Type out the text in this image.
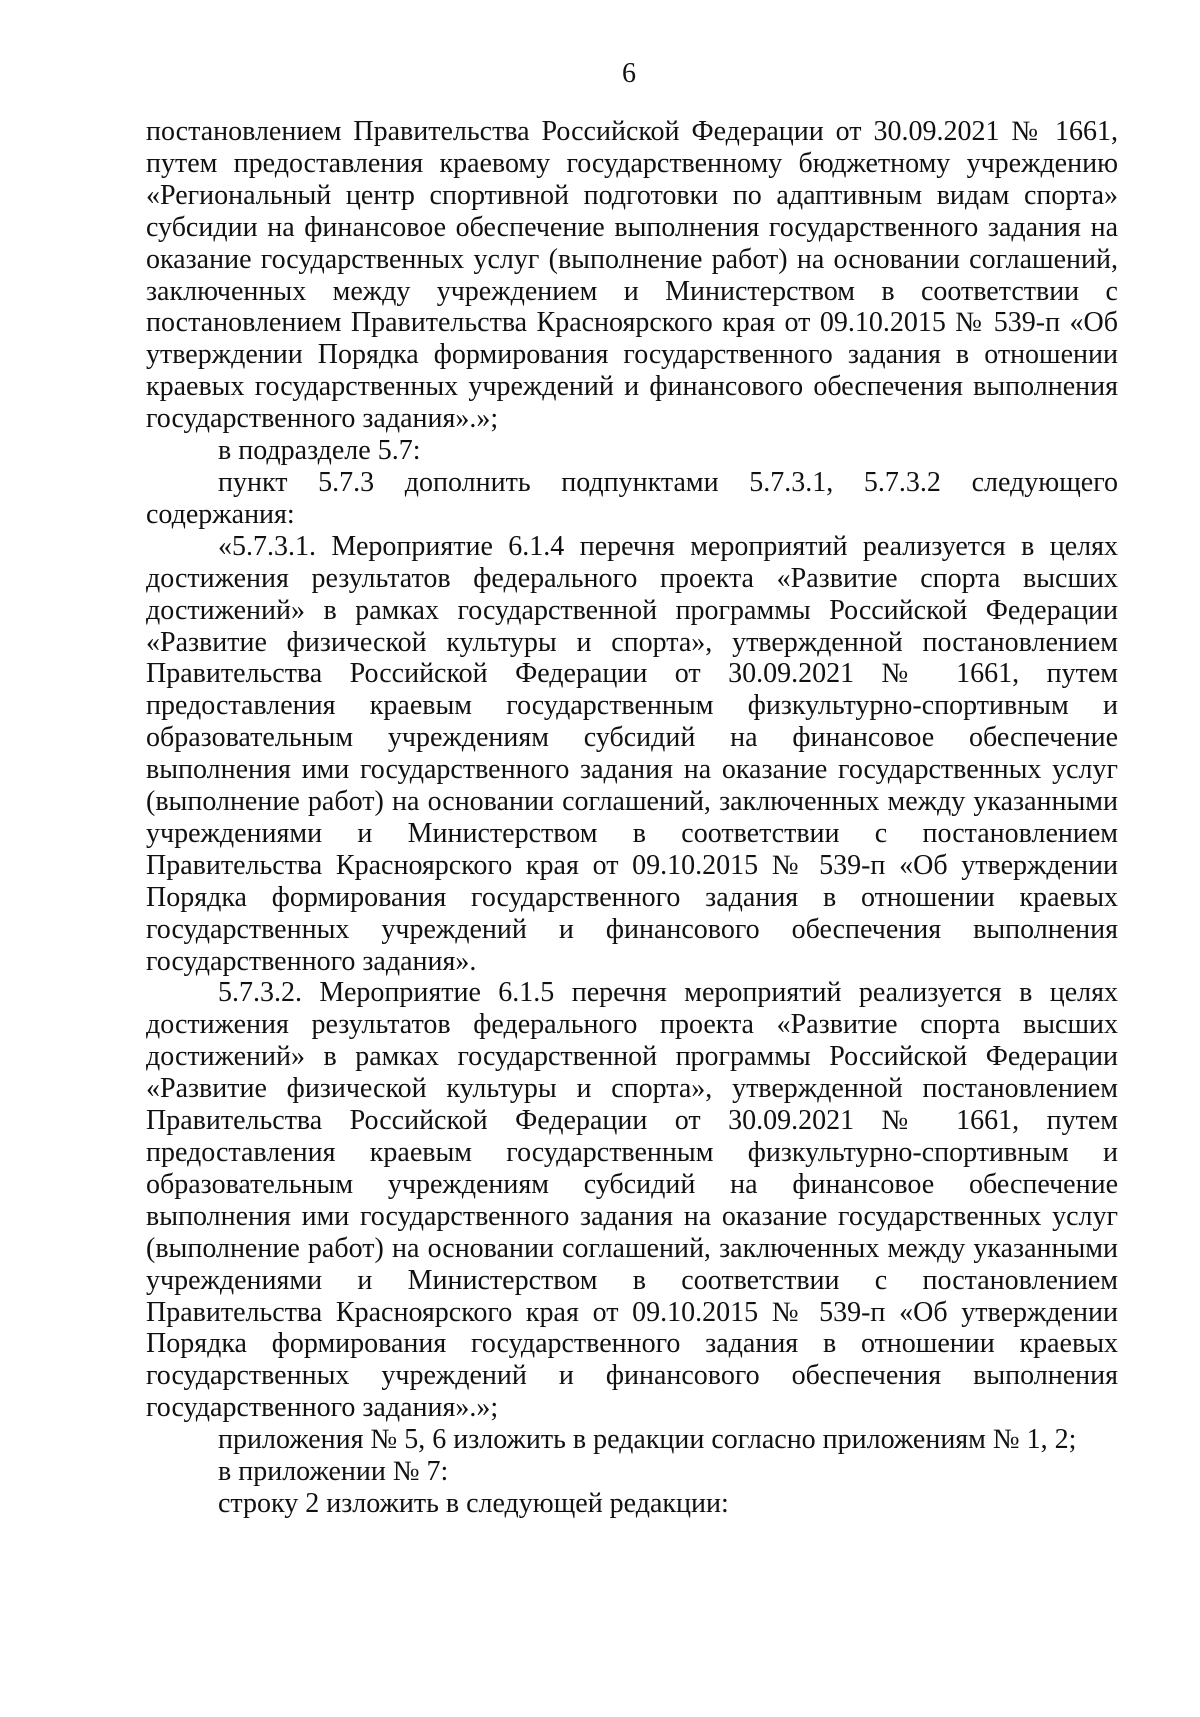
6

постановлением Правительства Российской Федерации от 30.09.2021 № 1661, путем предоставления краевому государственному бюджетному учреждению «Региональный центр спортивной подготовки по адаптивным видам спорта» субсидии на финансовое обеспечение выполнения государственного задания на оказание государственных услуг (выполнение работ) на основании соглашений, заключенных между учреждением и Министерством в соответствии с постановлением Правительства Красноярского края от 09.10.2015 № 539-п «Об утверждении Порядка формирования государственного задания в отношении краевых государственных учреждений и финансового обеспечения выполнения государственного задания».»;

в подразделе 5.7:

пункт 5.7.3 дополнить подпунктами 5.7.3.1, 5.7.3.2 следующего содержания:

«5.7.3.1. Мероприятие 6.1.4 перечня мероприятий реализуется в целях достижения результатов федерального проекта «Развитие спорта высших достижений» в рамках государственной программы Российской Федерации «Развитие физической культуры и спорта», утвержденной постановлением Правительства Российской Федерации от 30.09.2021 № 1661, путем предоставления краевым государственным физкультурно-спортивным и образовательным учреждениям субсидий на финансовое обеспечение выполнения ими государственного задания на оказание государственных услуг (выполнение работ) на основании соглашений, заключенных между указанными учреждениями и Министерством в соответствии с постановлением Правительства Красноярского края от 09.10.2015 № 539-п «Об утверждении Порядка формирования государственного задания в отношении краевых государственных учреждений и финансового обеспечения выполнения государственного задания».

5.7.3.2. Мероприятие 6.1.5 перечня мероприятий реализуется в целях достижения результатов федерального проекта «Развитие спорта высших достижений» в рамках государственной программы Российской Федерации «Развитие физической культуры и спорта», утвержденной постановлением Правительства Российской Федерации от 30.09.2021 № 1661, путем предоставления краевым государственным физкультурно-спортивным и образовательным учреждениям субсидий на финансовое обеспечение выполнения ими государственного задания на оказание государственных услуг (выполнение работ) на основании соглашений, заключенных между указанными учреждениями и Министерством в соответствии с постановлением Правительства Красноярского края от 09.10.2015 № 539-п «Об утверждении Порядка формирования государственного задания в отношении краевых государственных учреждений и финансового обеспечения выполнения государственного задания».»;

приложения № 5, 6 изложить в редакции согласно приложениям № 1, 2;

в приложении № 7:

строку 2 изложить в следующей редакции:
